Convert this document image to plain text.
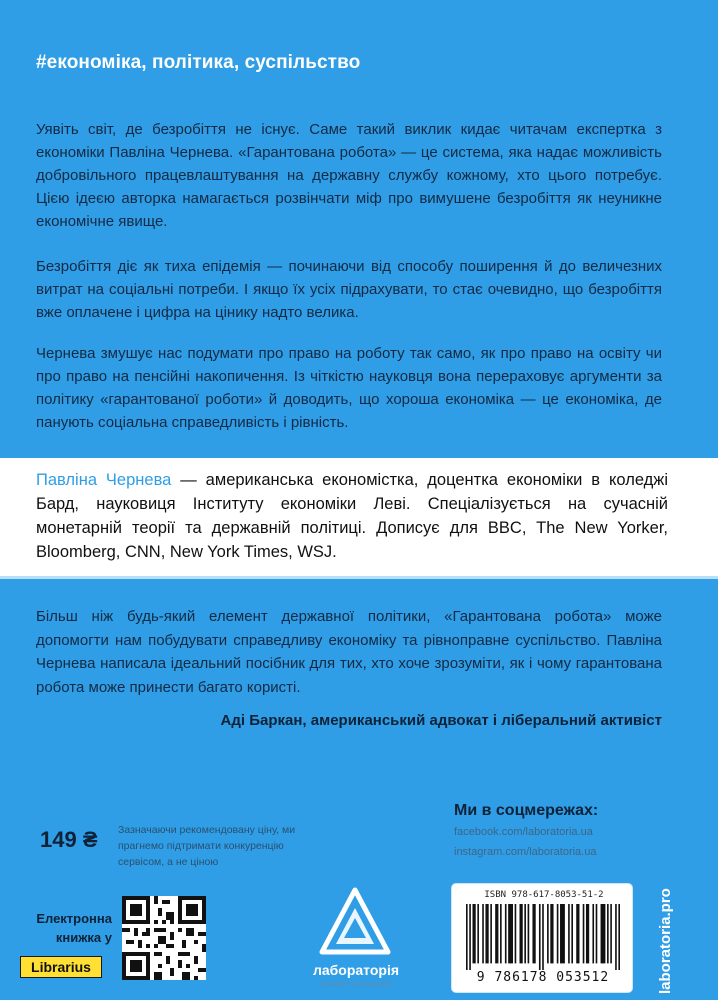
#економіка, політика, суспільство

Уявіть світ, де безробіття не існує. Саме такий виклик кидає читачам експертка з економіки Павліна Чернева. «Гарантована робота» — це система, яка надає можливість добровільного працевлаштування на державну службу кожному, хто цього потребує. Цією ідеєю авторка намагається розвінчати міф про вимушене безробіття як неуникне економічне явище.

Безробіття діє як тиха епідемія — починаючи від способу поширення й до величезних витрат на соціальні потреби. І якщо їх усіх підрахувати, то стає очевидно, що безробіття вже оплачене і цифра на цінику надто велика.

Чернева змушує нас подумати про право на роботу так само, як про право на освіту чи про право на пенсійні накопичення. Із чіткістю науковця вона перераховує аргументи за політику «гарантованої роботи» й доводить, що хороша економіка — це економіка, де панують соціальна справедливість і рівність.

Павліна Чернева — американська економістка, доцентка економіки в коледжі Бард, науковиця Інституту економіки Леві. Спеціалізується на сучасній монетарній теорії та державній політиці. Дописує для BBC, The New Yorker, Bloomberg, CNN, New York Times, WSJ.

Більш ніж будь-який елемент державної політики, «Гарантована робота» може допомогти нам побудувати справедливу економіку та рівноправне суспільство. Павліна Чернева написала ідеальний посібник для тих, хто хоче зрозуміти, як і чому гарантована робота може принести багато користі.

Аді Баркан, американський адвокат і ліберальний активіст

Ми в соцмережах:
facebook.com/laboratoria.ua
instagram.com/laboratoria.ua
149 ₴ Зазначаючи рекомендовану ціну, ми прагнемо підтримати конкуренцію сервісом, а не ціною

Електронна
книжка у
Librarius	лабораторія
книжкова лабораторія
ISBN 978-617-8053-51-2
9 786178 053512	laboratoria.pro
